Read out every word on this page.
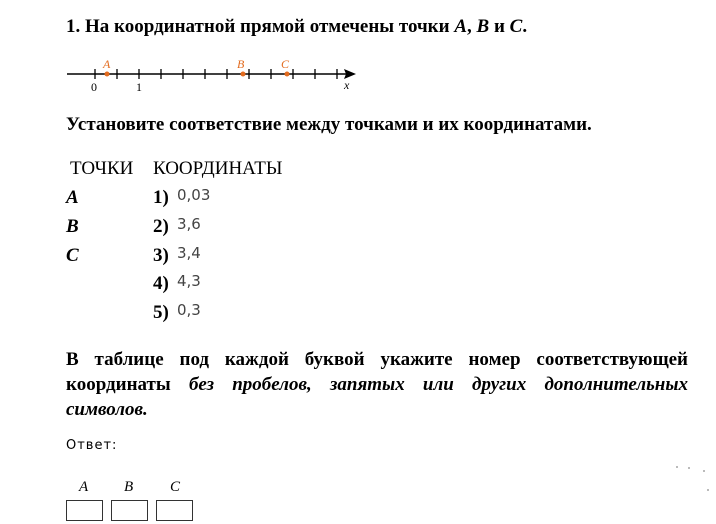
1. На координатной прямой отмечены точки A, B и C.
A	B	C
0	1	x
Установите соответствие между точками и их координатами.
ТОЧКИ КООРДИНАТЫ
A
B
C
1) 0,03
2) 3,6
3) 3,4
4) 4,3
5) 0,3
В таблице под каждой буквой укажите номер соответствующей координаты без пробелов, запятых или других дополнительных символов.
Ответ:
A B C
